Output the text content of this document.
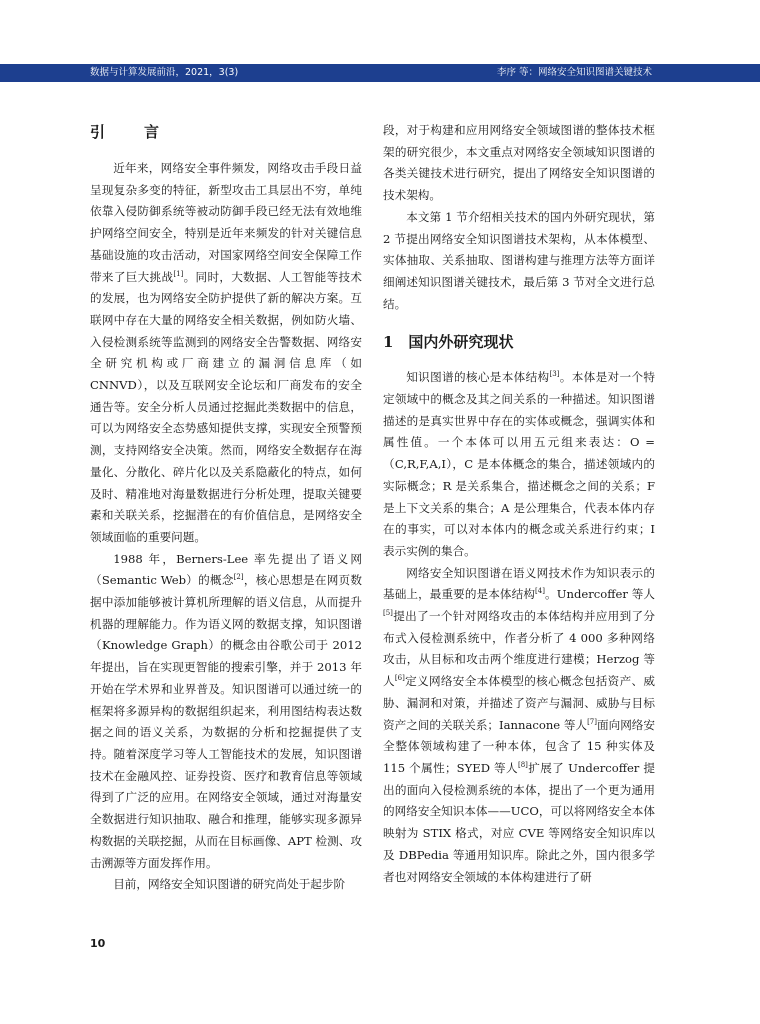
数据与计算发展前沿，2021，3(3)	李序 等：网络安全知识图谱关键技术
引　言

近年来，网络安全事件频发，网络攻击手段日益呈现复杂多变的特征，新型攻击工具层出不穷，单纯依靠入侵防御系统等被动防御手段已经无法有效地维护网络空间安全，特别是近年来频发的针对关键信息基础设施的攻击活动，对国家网络空间安全保障工作带来了巨大挑战[1]。同时，大数据、人工智能等技术的发展，也为网络安全防护提供了新的解决方案。互联网中存在大量的网络安全相关数据，例如防火墙、入侵检测系统等监测到的网络安全告警数据、网络安全研究机构或厂商建立的漏洞信息库（如 CNNVD），以及互联网安全论坛和厂商发布的安全通告等。安全分析人员通过挖掘此类数据中的信息，可以为网络安全态势感知提供支撑，实现安全预警预测，支持网络安全决策。然而，网络安全数据存在海量化、分散化、碎片化以及关系隐蔽化的特点，如何及时、精准地对海量数据进行分析处理，提取关键要素和关联关系，挖掘潜在的有价值信息，是网络安全领域面临的重要问题。

1988 年，Berners-Lee 率先提出了语义网（Semantic Web）的概念[2]，核心思想是在网页数据中添加能够被计算机所理解的语义信息，从而提升机器的理解能力。作为语义网的数据支撑，知识图谱（Knowledge Graph）的概念由谷歌公司于 2012 年提出，旨在实现更智能的搜索引擎，并于 2013 年开始在学术界和业界普及。知识图谱可以通过统一的框架将多源异构的数据组织起来，利用图结构表达数据之间的语义关系，为数据的分析和挖掘提供了支持。随着深度学习等人工智能技术的发展，知识图谱技术在金融风控、证券投资、医疗和教育信息等领域得到了广泛的应用。在网络安全领域，通过对海量安全数据进行知识抽取、融合和推理，能够实现多源异构数据的关联挖掘，从而在目标画像、APT 检测、攻击溯源等方面发挥作用。

目前，网络安全知识图谱的研究尚处于起步阶

段，对于构建和应用网络安全领域图谱的整体技术框架的研究很少，本文重点对网络安全领域知识图谱的各类关键技术进行研究，提出了网络安全知识图谱的技术架构。

本文第 1 节介绍相关技术的国内外研究现状，第 2 节提出网络安全知识图谱技术架构，从本体模型、实体抽取、关系抽取、图谱构建与推理方法等方面详细阐述知识图谱关键技术，最后第 3 节对全文进行总结。

1　国内外研究现状

知识图谱的核心是本体结构[3]。本体是对一个特定领域中的概念及其之间关系的一种描述。知识图谱描述的是真实世界中存在的实体或概念，强调实体和属性值。一个本体可以用五元组来表达：O =（C,R,F,A,I），C 是本体概念的集合，描述领域内的实际概念；R 是关系集合，描述概念之间的关系；F 是上下文关系的集合；A 是公理集合，代表本体内存在的事实，可以对本体内的概念或关系进行约束；I 表示实例的集合。

网络安全知识图谱在语义网技术作为知识表示的基础上，最重要的是本体结构[4]。Undercoffer 等人[5]提出了一个针对网络攻击的本体结构并应用到了分布式入侵检测系统中，作者分析了 4 000 多种网络攻击，从目标和攻击两个维度进行建模；Herzog 等人[6]定义网络安全本体模型的核心概念包括资产、威胁、漏洞和对策，并描述了资产与漏洞、威胁与目标资产之间的关联关系；Iannacone 等人[7]面向网络安全整体领域构建了一种本体，包含了 15 种实体及 115 个属性；SYED 等人[8]扩展了 Undercoffer 提出的面向入侵检测系统的本体，提出了一个更为通用的网络安全知识本体——UCO，可以将网络安全本体映射为 STIX 格式，对应 CVE 等网络安全知识库以及 DBPedia 等通用知识库。除此之外，国内很多学者也对网络安全领域的本体构建进行了研

10
